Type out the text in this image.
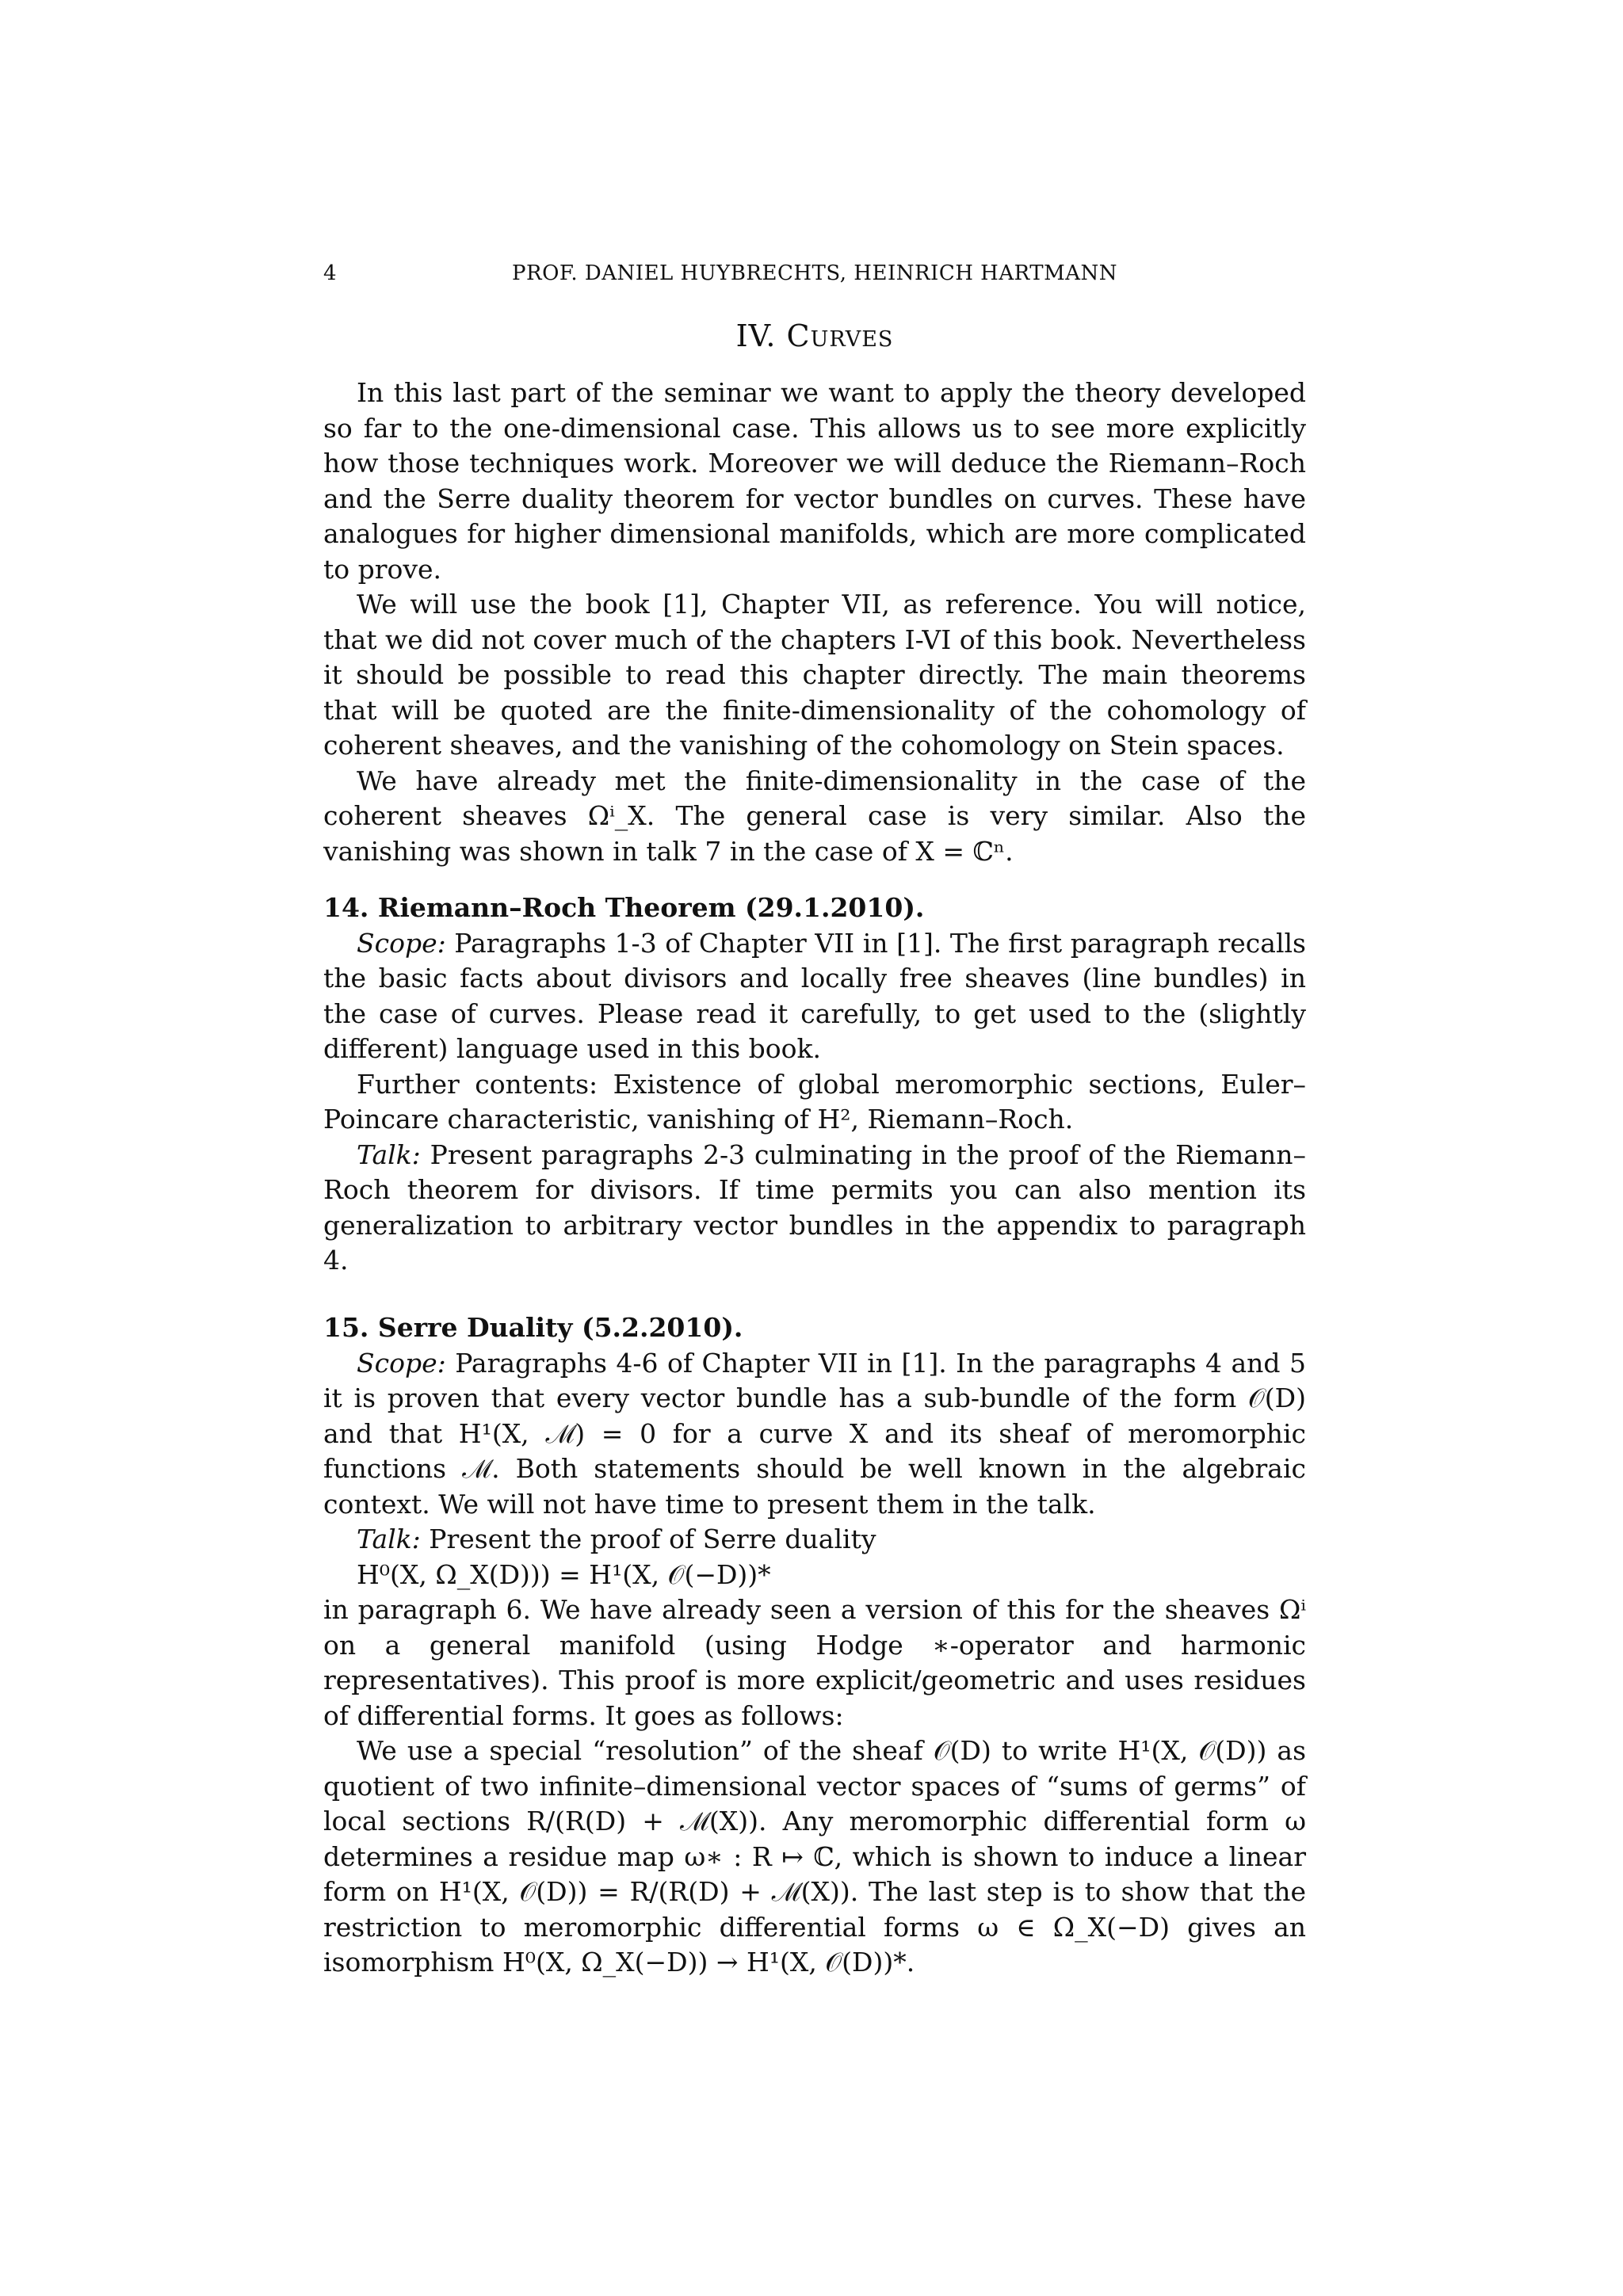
4	PROF. DANIEL HUYBRECHTS, HEINRICH HARTMANN
IV. Curves

In this last part of the seminar we want to apply the theory developed so far to the one-dimensional case. This allows us to see more explicitly how those techniques work. Moreover we will deduce the Riemann–Roch and the Serre duality theorem for vector bundles on curves. These have analogues for higher dimensional manifolds, which are more complicated to prove.

We will use the book [1], Chapter VII, as reference. You will notice, that we did not cover much of the chapters I-VI of this book. Nevertheless it should be possible to read this chapter directly. The main theorems that will be quoted are the finite-dimensionality of the cohomology of coherent sheaves, and the vanishing of the cohomology on Stein spaces.

We have already met the finite-dimensionality in the case of the coherent sheaves Ωⁱ_X. The general case is very similar. Also the vanishing was shown in talk 7 in the case of X = ℂⁿ.

14. Riemann–Roch Theorem (29.1.2010).

Scope: Paragraphs 1-3 of Chapter VII in [1]. The first paragraph recalls the basic facts about divisors and locally free sheaves (line bundles) in the case of curves. Please read it carefully, to get used to the (slightly different) language used in this book.

Further contents: Existence of global meromorphic sections, Euler–Poincare characteristic, vanishing of H², Riemann–Roch.

Talk: Present paragraphs 2-3 culminating in the proof of the Riemann–Roch theorem for divisors. If time permits you can also mention its generalization to arbitrary vector bundles in the appendix to paragraph 4.

15. Serre Duality (5.2.2010).

Scope: Paragraphs 4-6 of Chapter VII in [1]. In the paragraphs 4 and 5 it is proven that every vector bundle has a sub-bundle of the form 𝒪(D) and that H¹(X, ℳ) = 0 for a curve X and its sheaf of meromorphic functions ℳ. Both statements should be well known in the algebraic context. We will not have time to present them in the talk.

Talk: Present the proof of Serre duality

H⁰(X, Ω_X(D))) = H¹(X, 𝒪(−D))*

in paragraph 6. We have already seen a version of this for the sheaves Ωⁱ on a general manifold (using Hodge ∗-operator and harmonic representatives). This proof is more explicit/geometric and uses residues of differential forms. It goes as follows:

We use a special “resolution” of the sheaf 𝒪(D) to write H¹(X, 𝒪(D)) as quotient of two infinite–dimensional vector spaces of “sums of germs” of local sections R/(R(D) + ℳ(X)). Any meromorphic differential form ω determines a residue map ω∗ : R ↦ ℂ, which is shown to induce a linear form on H¹(X, 𝒪(D)) = R/(R(D) + ℳ(X)). The last step is to show that the restriction to meromorphic differential forms ω ∈ Ω_X(−D) gives an isomorphism H⁰(X, Ω_X(−D)) → H¹(X, 𝒪(D))*.
